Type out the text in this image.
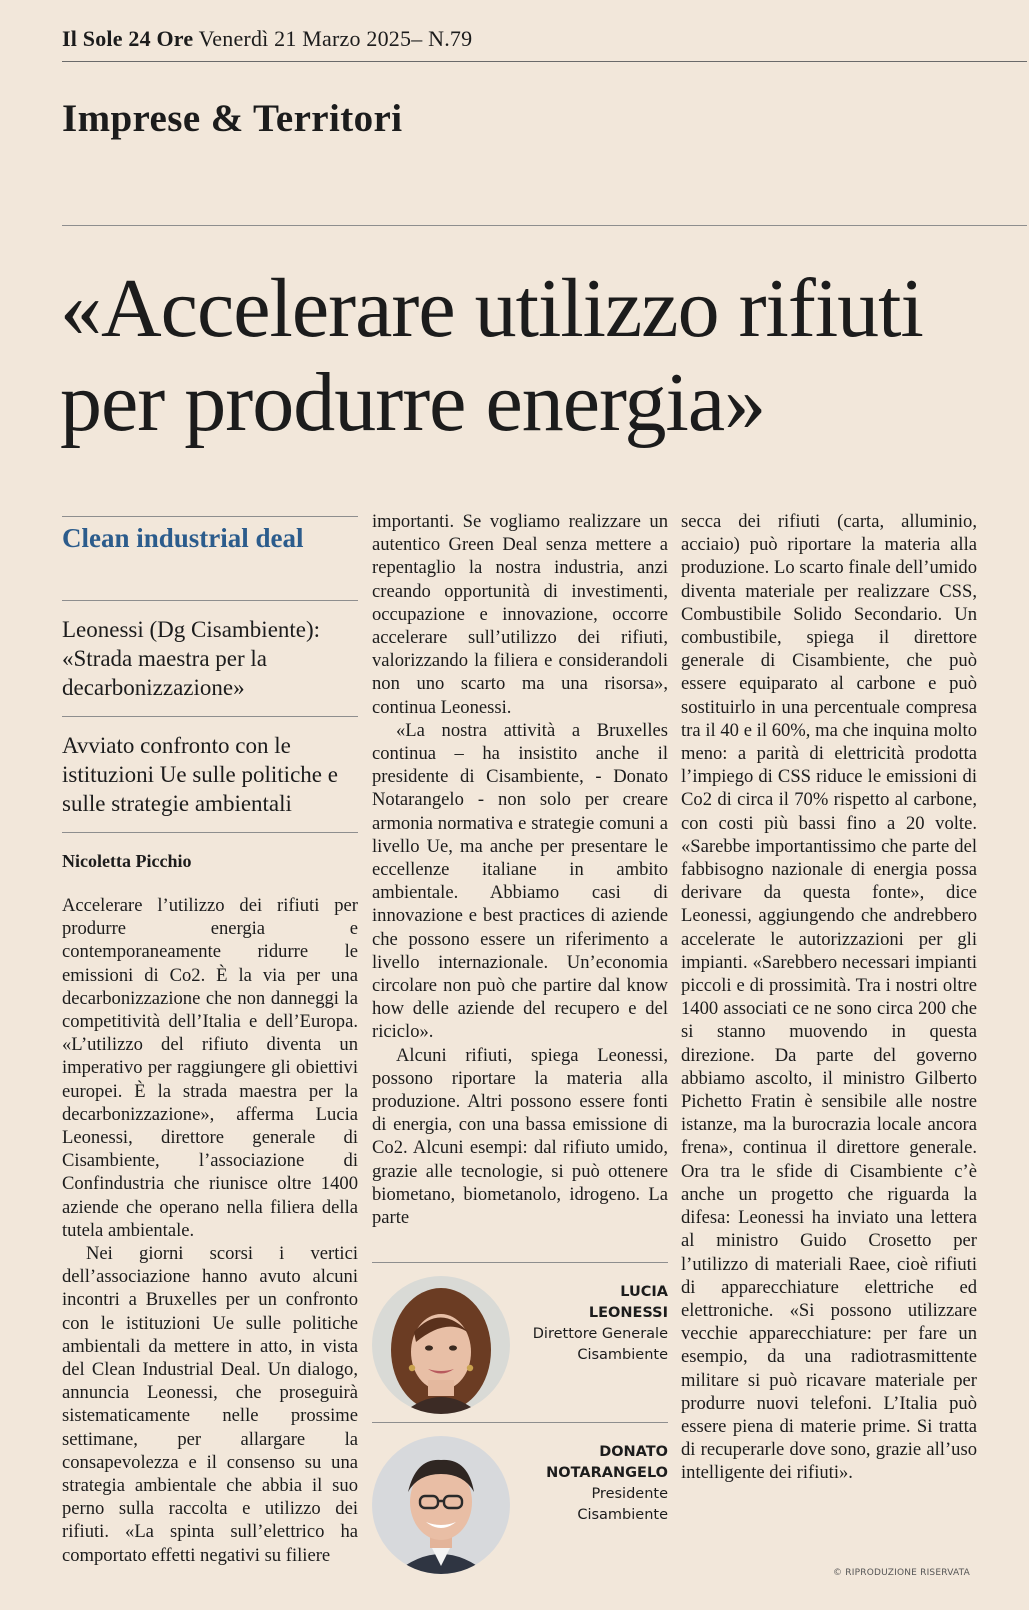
Il Sole 24 Ore Venerdì 21 Marzo 2025– N.79
Imprese & Territori
«Accelerare utilizzo rifiuti per produrre energia»
Clean industrial deal

Leonessi (Dg Cisambiente): «Strada maestra per la decarbonizzazione»

Avviato confronto con le istituzioni Ue sulle politiche e sulle strategie ambientali

Nicoletta Picchio

Accelerare l’utilizzo dei rifiuti per produrre energia e contemporaneamente ridurre le emissioni di Co2. È la via per una decarbonizzazione che non danneggi la competitività dell’Italia e dell’Europa. «L’utilizzo del rifiuto diventa un imperativo per raggiungere gli obiettivi europei. È la strada maestra per la decarbonizzazione», afferma Lucia Leonessi, direttore generale di Cisambiente, l’associazione di Confindustria che riunisce oltre 1400 aziende che operano nella filiera della tutela ambientale.

Nei giorni scorsi i vertici dell’associazione hanno avuto alcuni incontri a Bruxelles per un confronto con le istituzioni Ue sulle politiche ambientali da mettere in atto, in vista del Clean Industrial Deal. Un dialogo, annuncia Leonessi, che proseguirà sistematicamente nelle prossime settimane, per allargare la consapevolezza e il consenso su una strategia ambientale che abbia il suo perno sulla raccolta e utilizzo dei rifiuti. «La spinta sull’elettrico ha comportato effetti negativi su filiere

importanti. Se vogliamo realizzare un autentico Green Deal senza mettere a repentaglio la nostra industria, anzi creando opportunità di investimenti, occupazione e innovazione, occorre accelerare sull’utilizzo dei rifiuti, valorizzando la filiera e considerandoli non uno scarto ma una risorsa», continua Leonessi.

«La nostra attività a Bruxelles continua – ha insistito anche il presidente di Cisambiente, - Donato Notarangelo - non solo per creare armonia normativa e strategie comuni a livello Ue, ma anche per presentare le eccellenze italiane in ambito ambientale. Abbiamo casi di innovazione e best practices di aziende che possono essere un riferimento a livello internazionale. Un’economia circolare non può che partire dal know how delle aziende del recupero e del riciclo».

Alcuni rifiuti, spiega Leonessi, possono riportare la materia alla produzione. Altri possono essere fonti di energia, con una bassa emissione di Co2. Alcuni esempi: dal rifiuto umido, grazie alle tecnologie, si può ottenere biometano, biometanolo, idrogeno. La parte

LUCIA
LEONESSI
Direttore Generale
Cisambiente
DONATO
NOTARANGELO
Presidente
Cisambiente

secca dei rifiuti (carta, alluminio, acciaio) può riportare la materia alla produzione. Lo scarto finale dell’umido diventa materiale per realizzare CSS, Combustibile Solido Secondario. Un combustibile, spiega il direttore generale di Cisambiente, che può essere equiparato al carbone e può sostituirlo in una percentuale compresa tra il 40 e il 60%, ma che inquina molto meno: a parità di elettricità prodotta l’impiego di CSS riduce le emissioni di Co2 di circa il 70% rispetto al carbone, con costi più bassi fino a 20 volte. «Sarebbe importantissimo che parte del fabbisogno nazionale di energia possa derivare da questa fonte», dice Leonessi, aggiungendo che andrebbero accelerate le autorizzazioni per gli impianti. «Sarebbero necessari impianti piccoli e di prossimità. Tra i nostri oltre 1400 associati ce ne sono circa 200 che si stanno muovendo in questa direzione. Da parte del governo abbiamo ascolto, il ministro Gilberto Pichetto Fratin è sensibile alle nostre istanze, ma la burocrazia locale ancora frena», continua il direttore generale. Ora tra le sfide di Cisambiente c’è anche un progetto che riguarda la difesa: Leonessi ha inviato una lettera al ministro Guido Crosetto per l’utilizzo di materiali Raee, cioè rifiuti di apparecchiature elettriche ed elettroniche. «Si possono utilizzare vecchie apparecchiature: per fare un esempio, da una radiotrasmittente militare si può ricavare materiale per produrre nuovi telefoni. L’Italia può essere piena di materie prime. Si tratta di recuperarle dove sono, grazie all’uso intelligente dei rifiuti».

© RIPRODUZIONE RISERVATA
